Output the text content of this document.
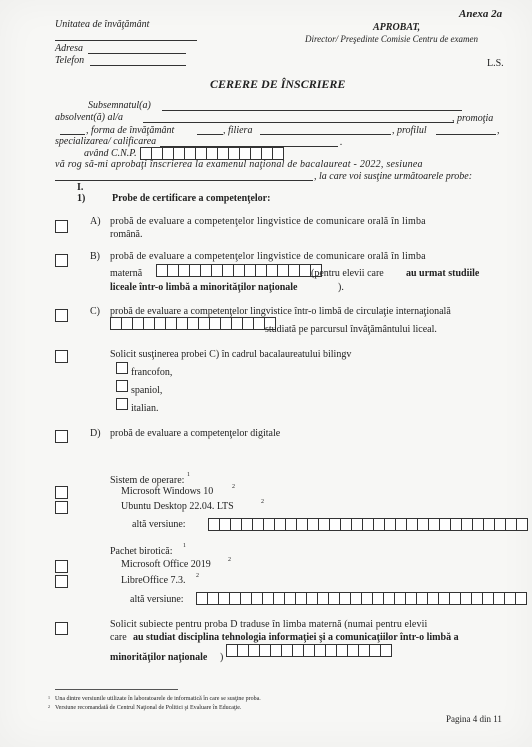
Anexa 2a
Unitatea de învăţământ	APROBAT,
Director/ Preşedinte Comisie Centru de examen
Adresa
Telefon	L.S.
CERERE DE ÎNSCRIERE
Subsemnatul(a)
absolvent(ă) al/a	, promoţia
, forma de învăţământ	, filiera	, profilul	,
specializarea/ calificarea	.
având C.N.P.
vă rog să-mi aprobaţi înscrierea la examenul naţional de bacalaureat - 2022, sesiunea
, la care voi susţine următoarele probe:
I.
1)	Probe de certificare a competenţelor:
A) probă de evaluare a competenţelor lingvistice de comunicare orală în limba
română.
B) probă de evaluare a competenţelor lingvistice de comunicare orală în limba
maternă	(pentru elevii care au urmat studiile
liceale într-o limbă a minorităţilor naţionale	).
C) probă de evaluare a competenţelor lingvistice într-o limbă de circulaţie internaţională
studiată pe parcursul învăţământului liceal.
Solicit susţinerea probei C) în cadrul bacalaureatului bilingv
francofon,
spaniol,
italian.
D) probă de evaluare a competenţelor digitale
Sistem de operare: 1
Microsoft Windows 10	2
Ubuntu Desktop 22.04. LTS	2
altă versiune:
Pachet birotică: 1
Microsoft Office 2019	2
LibreOffice 7.3. 2
altă versiune:
Solicit subiecte pentru proba D traduse în limba maternă (numai pentru elevii
care au studiat disciplina tehnologia informaţiei şi a comunicaţiilor într-o limbă a
minorităţilor naţionale )
1 Una dintre versiunile utilizate în laboratoarele de informatică în care se susţine proba.
2 Versiune recomandată de Centrul Naţional de Politici şi Evaluare în Educaţie.
Pagina 4 din 11
